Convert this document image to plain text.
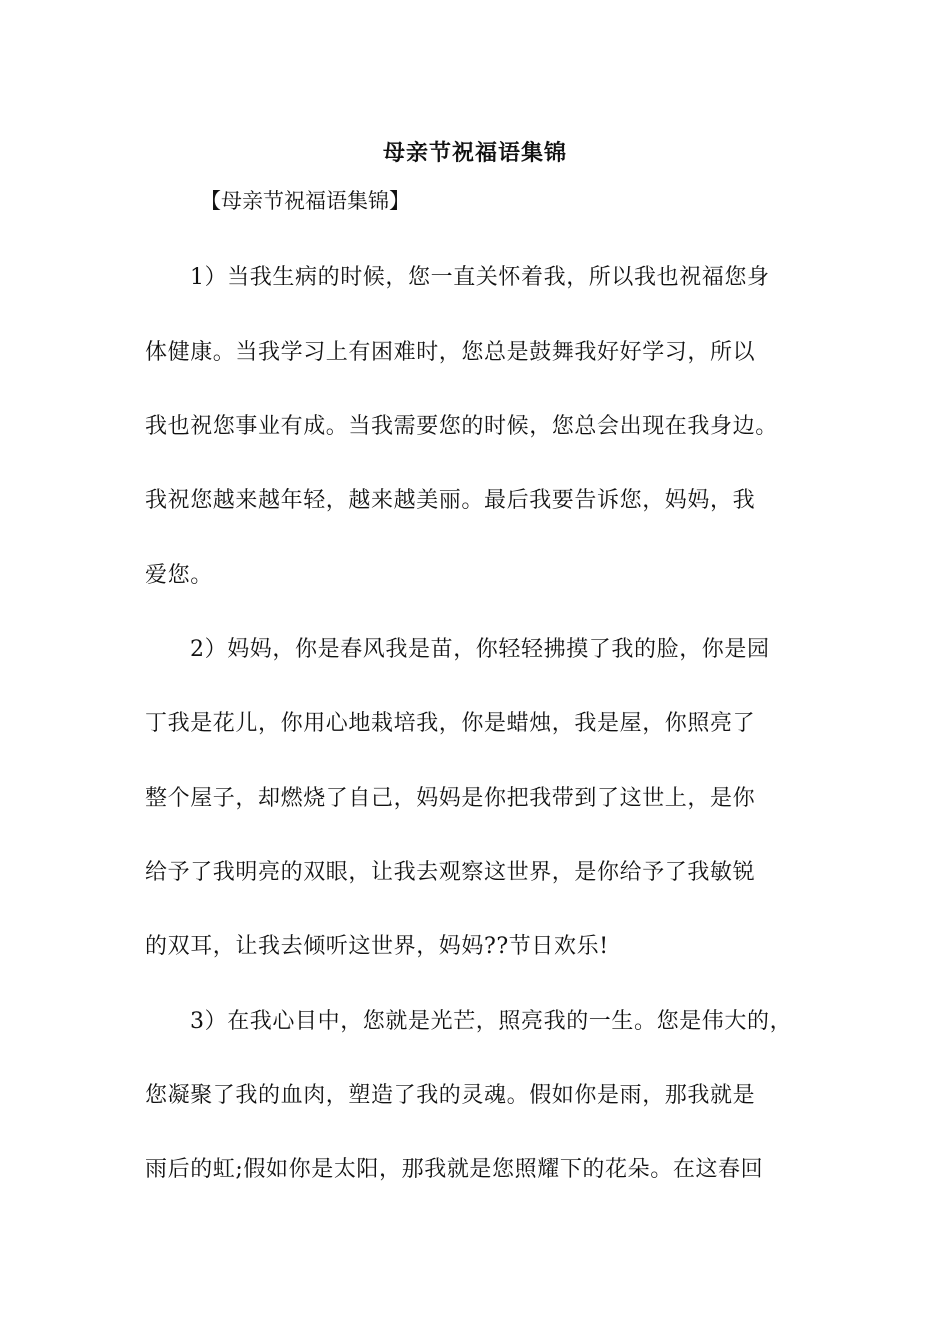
母亲节祝福语集锦
【母亲节祝福语集锦】
1）当我生病的时候，您一直关怀着我，所以我也祝福您身
体健康。当我学习上有困难时，您总是鼓舞我好好学习，所以
我也祝您事业有成。当我需要您的时候，您总会出现在我身边。
我祝您越来越年轻，越来越美丽。最后我要告诉您，妈妈，我
爱您。
2）妈妈，你是春风我是苗，你轻轻拂摸了我的脸，你是园
丁我是花儿，你用心地栽培我，你是蜡烛，我是屋，你照亮了
整个屋子，却燃烧了自己，妈妈是你把我带到了这世上，是你
给予了我明亮的双眼，让我去观察这世界，是你给予了我敏锐
的双耳，让我去倾听这世界，妈妈??节日欢乐!
3）在我心目中，您就是光芒，照亮我的一生。您是伟大的，
您凝聚了我的血肉，塑造了我的灵魂。假如你是雨，那我就是
雨后的虹;假如你是太阳，那我就是您照耀下的花朵。在这春回
